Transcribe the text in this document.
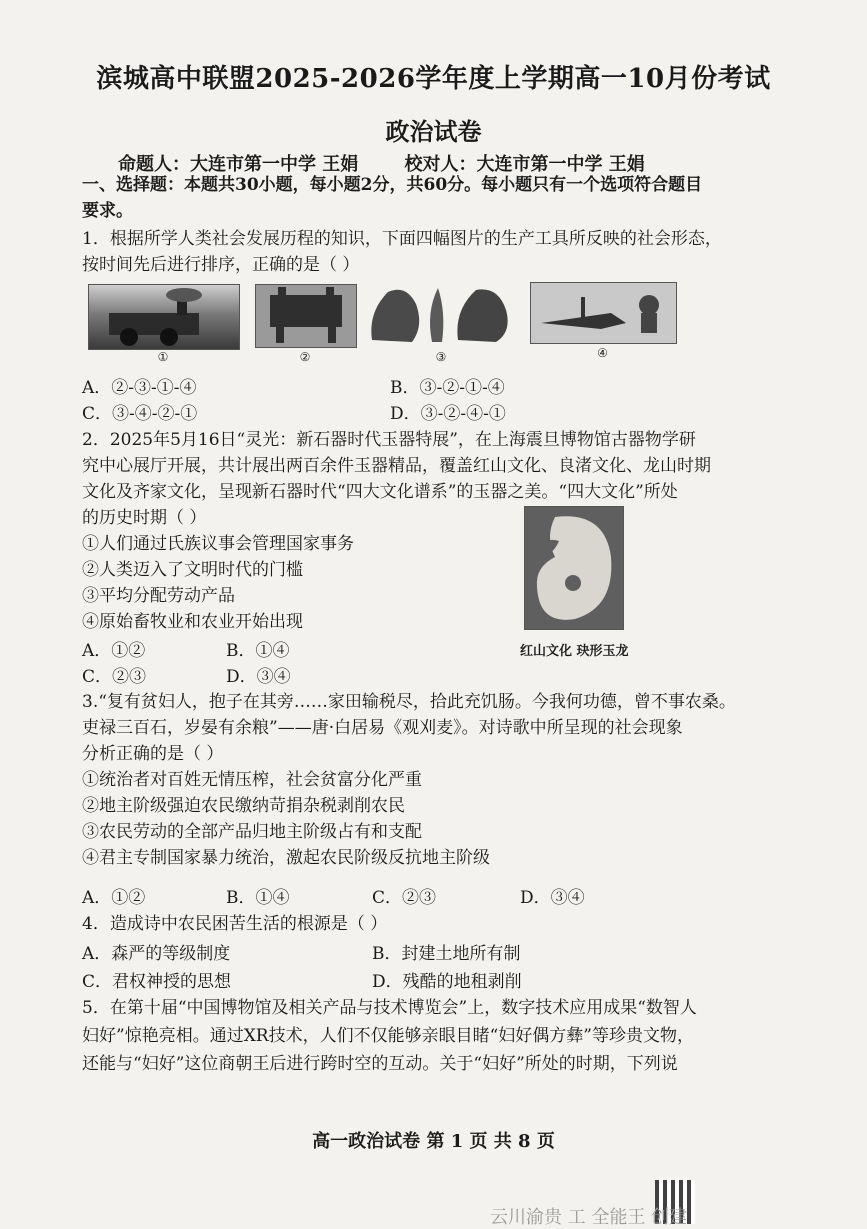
滨城高中联盟2025-2026学年度上学期高一10月份考试
政治试卷
命题人：大连市第一中学 王娟	校对人：大连市第一中学 王娟
一、选择题：本题共30小题，每小题2分，共60分。每小题只有一个选项符合题目
要求。
1．根据所学人类社会发展历程的知识，下面四幅图片的生产工具所反映的社会形态，
按时间先后进行排序，正确的是（ ）
①	②	③	④
A．②-③-①-④	B．③-②-①-④
C．③-④-②-①	D．③-②-④-①
2．2025年5月16日“灵光：新石器时代玉器特展”，在上海震旦博物馆古器物学研
究中心展厅开展，共计展出两百余件玉器精品，覆盖红山文化、良渚文化、龙山时期
文化及齐家文化，呈现新石器时代“四大文化谱系”的玉器之美。“四大文化”所处
的历史时期（ ）
①人们通过氏族议事会管理国家事务
②人类迈入了文明时代的门槛
③平均分配劳动产品
④原始畜牧业和农业开始出现
A．①②	B．①④
C．②③	D．③④
红山文化 玦形玉龙
3.“复有贫妇人，抱子在其旁……家田输税尽，拾此充饥肠。今我何功德，曾不事农桑。
吏禄三百石，岁晏有余粮”——唐·白居易《观刈麦》。对诗歌中所呈现的社会现象
分析正确的是（ ）
①统治者对百姓无情压榨，社会贫富分化严重
②地主阶级强迫农民缴纳苛捐杂税剥削农民
③农民劳动的全部产品归地主阶级占有和支配
④君主专制国家暴力统治，激起农民阶级反抗地主阶级
A．①②	B．①④	C．②③	D．③④
4．造成诗中农民困苦生活的根源是（ ）
A．森严的等级制度	B．封建土地所有制
C．君权神授的思想	D．残酷的地租剥削
5．在第十届“中国博物馆及相关产品与技术博览会”上，数字技术应用成果“数智人
妇好”惊艳亮相。通过XR技术，人们不仅能够亲眼目睹“妇好偶方彝”等珍贵文物，
还能与“妇好”这位商朝王后进行跨时空的互动。关于“妇好”所处的时期，下列说
高一政治试卷 第 1 页 共 8 页
云川渝贵 工 全能王 创建
